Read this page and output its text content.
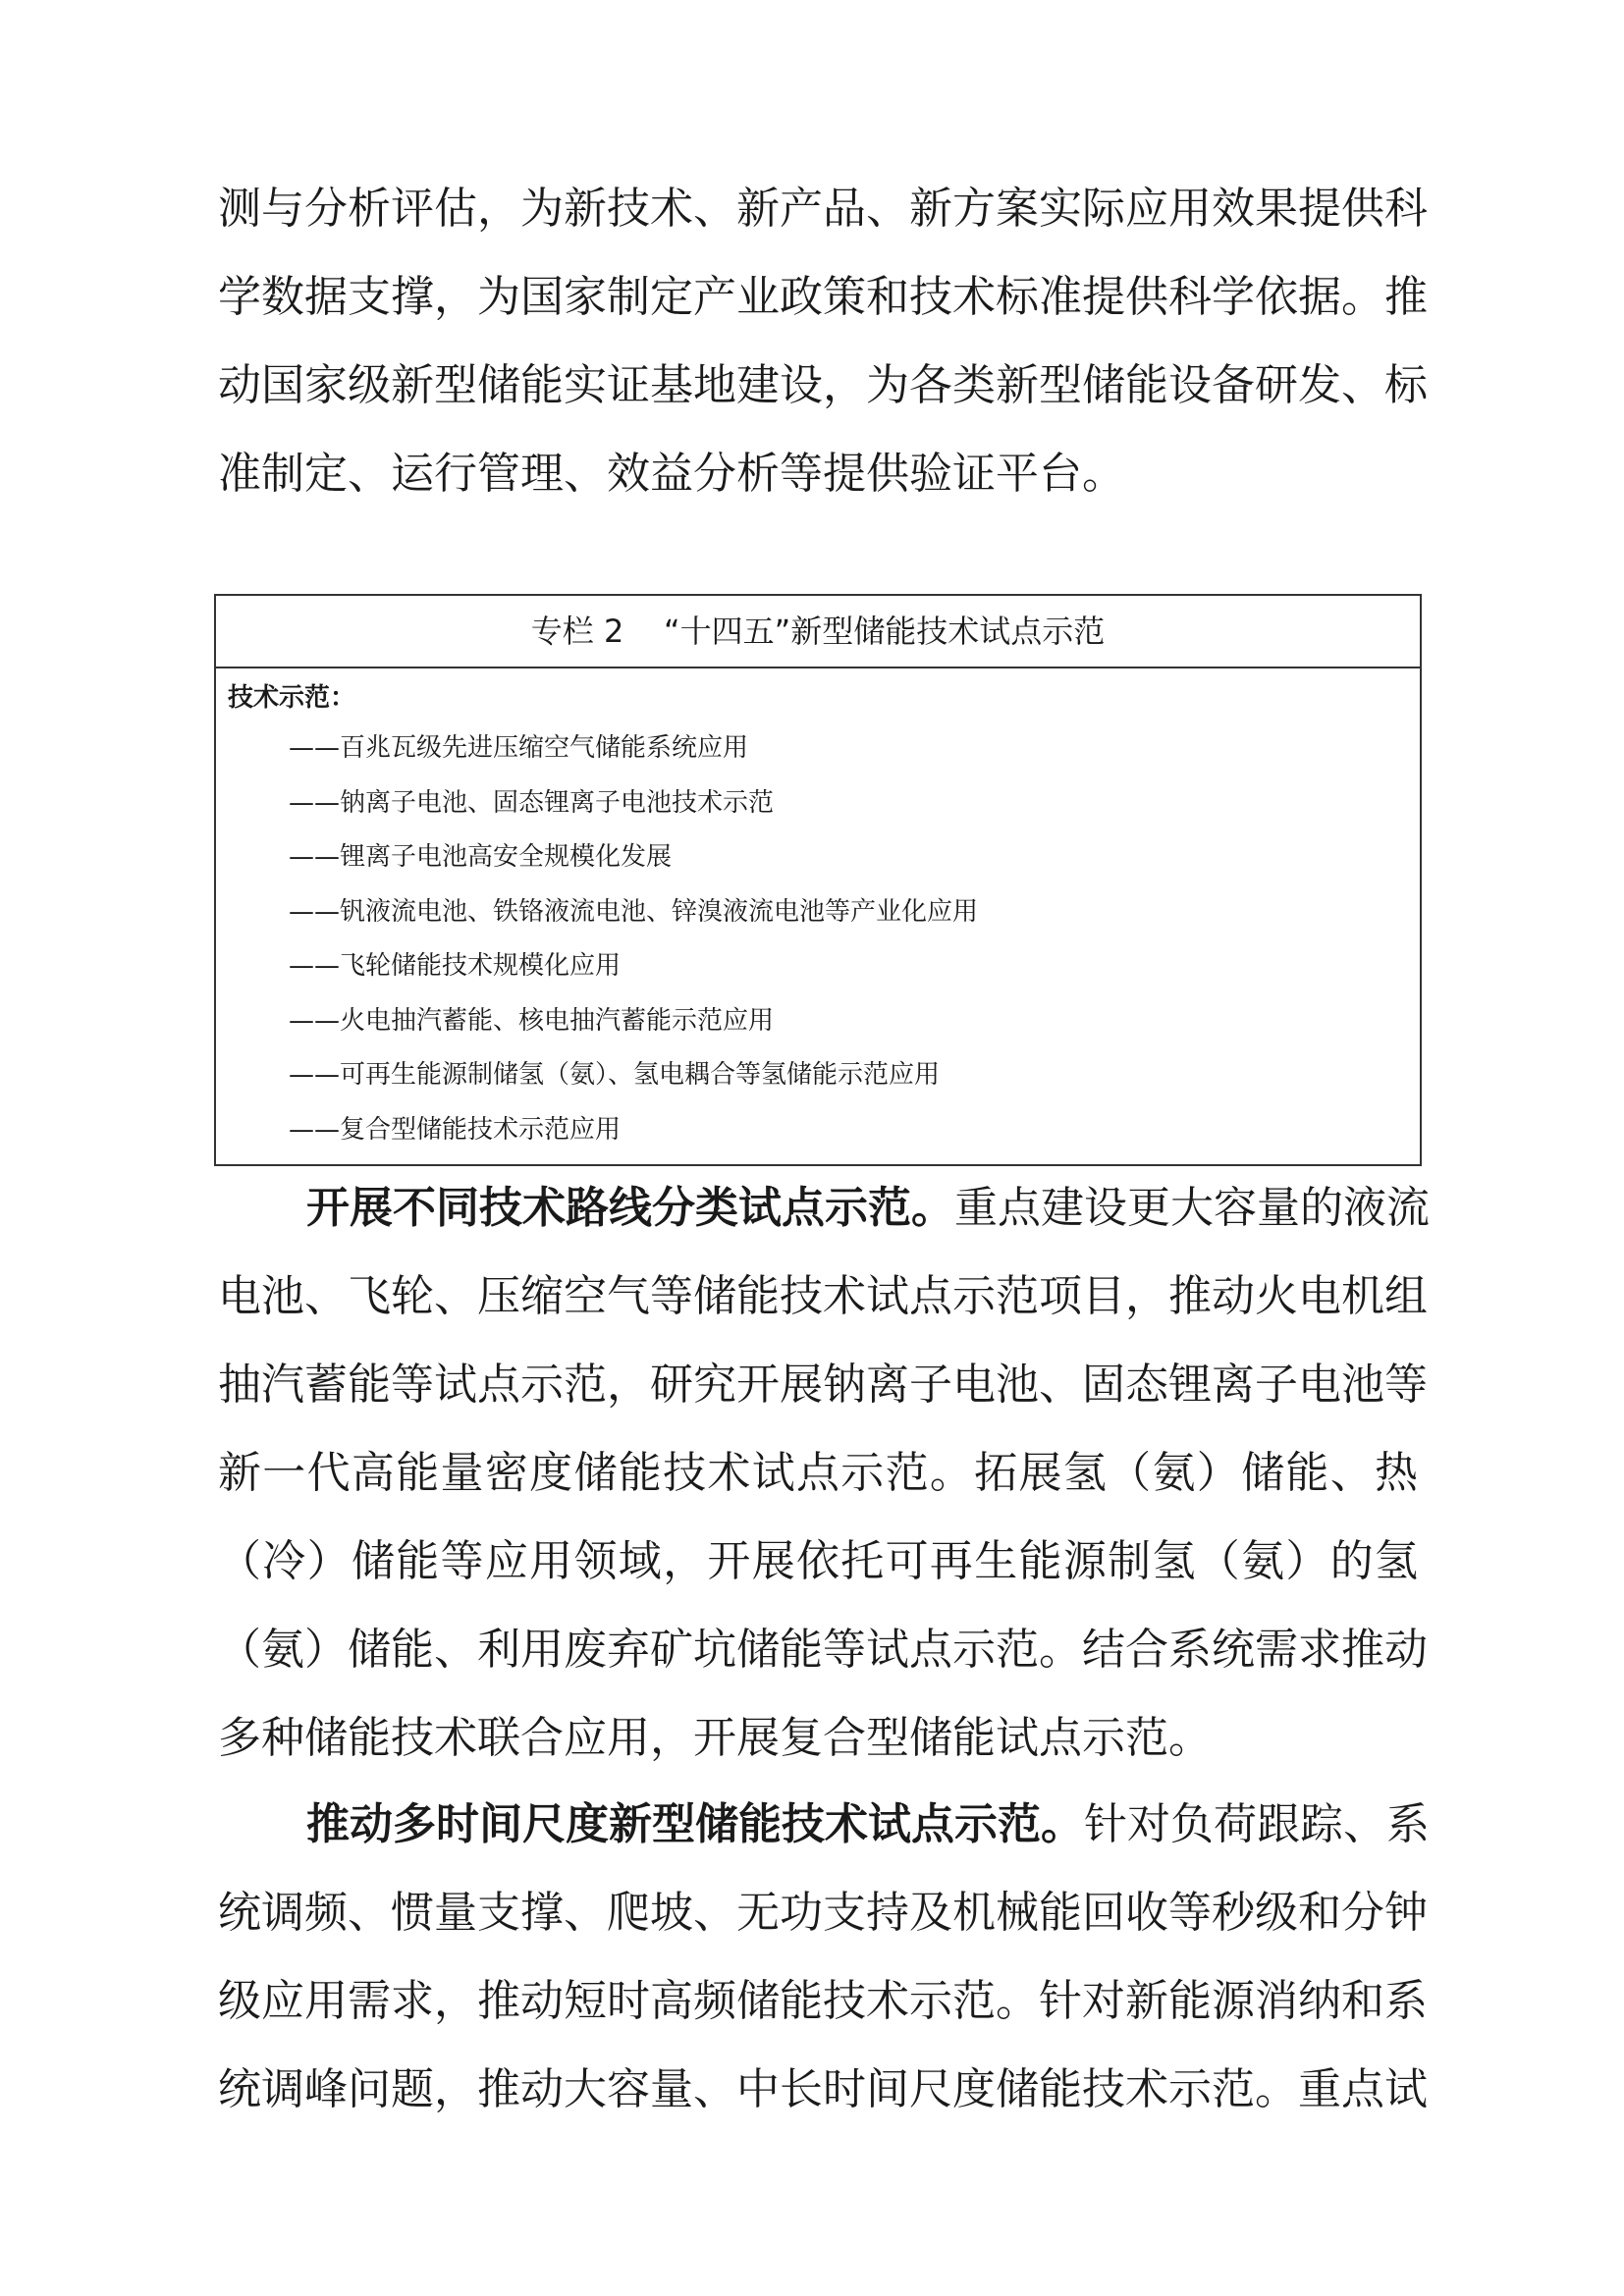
测与分析评估，为新技术、新产品、新方案实际应用效果提供科
学数据支撑，为国家制定产业政策和技术标准提供科学依据。推
动国家级新型储能实证基地建设，为各类新型储能设备研发、标
准制定、运行管理、效益分析等提供验证平台。
专栏 2 “十四五”新型储能技术试点示范
技术示范：
——百兆瓦级先进压缩空气储能系统应用
——钠离子电池、固态锂离子电池技术示范
——锂离子电池高安全规模化发展
——钒液流电池、铁铬液流电池、锌溴液流电池等产业化应用
——飞轮储能技术规模化应用
——火电抽汽蓄能、核电抽汽蓄能示范应用
——可再生能源制储氢（氨）、氢电耦合等氢储能示范应用
——复合型储能技术示范应用
开展不同技术路线分类试点示范。重点建设更大容量的液流
电池、飞轮、压缩空气等储能技术试点示范项目，推动火电机组
抽汽蓄能等试点示范，研究开展钠离子电池、固态锂离子电池等
新一代高能量密度储能技术试点示范。拓展氢（氨）储能、热
（冷）储能等应用领域，开展依托可再生能源制氢（氨）的氢
（氨）储能、利用废弃矿坑储能等试点示范。结合系统需求推动
多种储能技术联合应用，开展复合型储能试点示范。
推动多时间尺度新型储能技术试点示范。针对负荷跟踪、系
统调频、惯量支撑、爬坡、无功支持及机械能回收等秒级和分钟
级应用需求，推动短时高频储能技术示范。针对新能源消纳和系
统调峰问题，推动大容量、中长时间尺度储能技术示范。重点试
